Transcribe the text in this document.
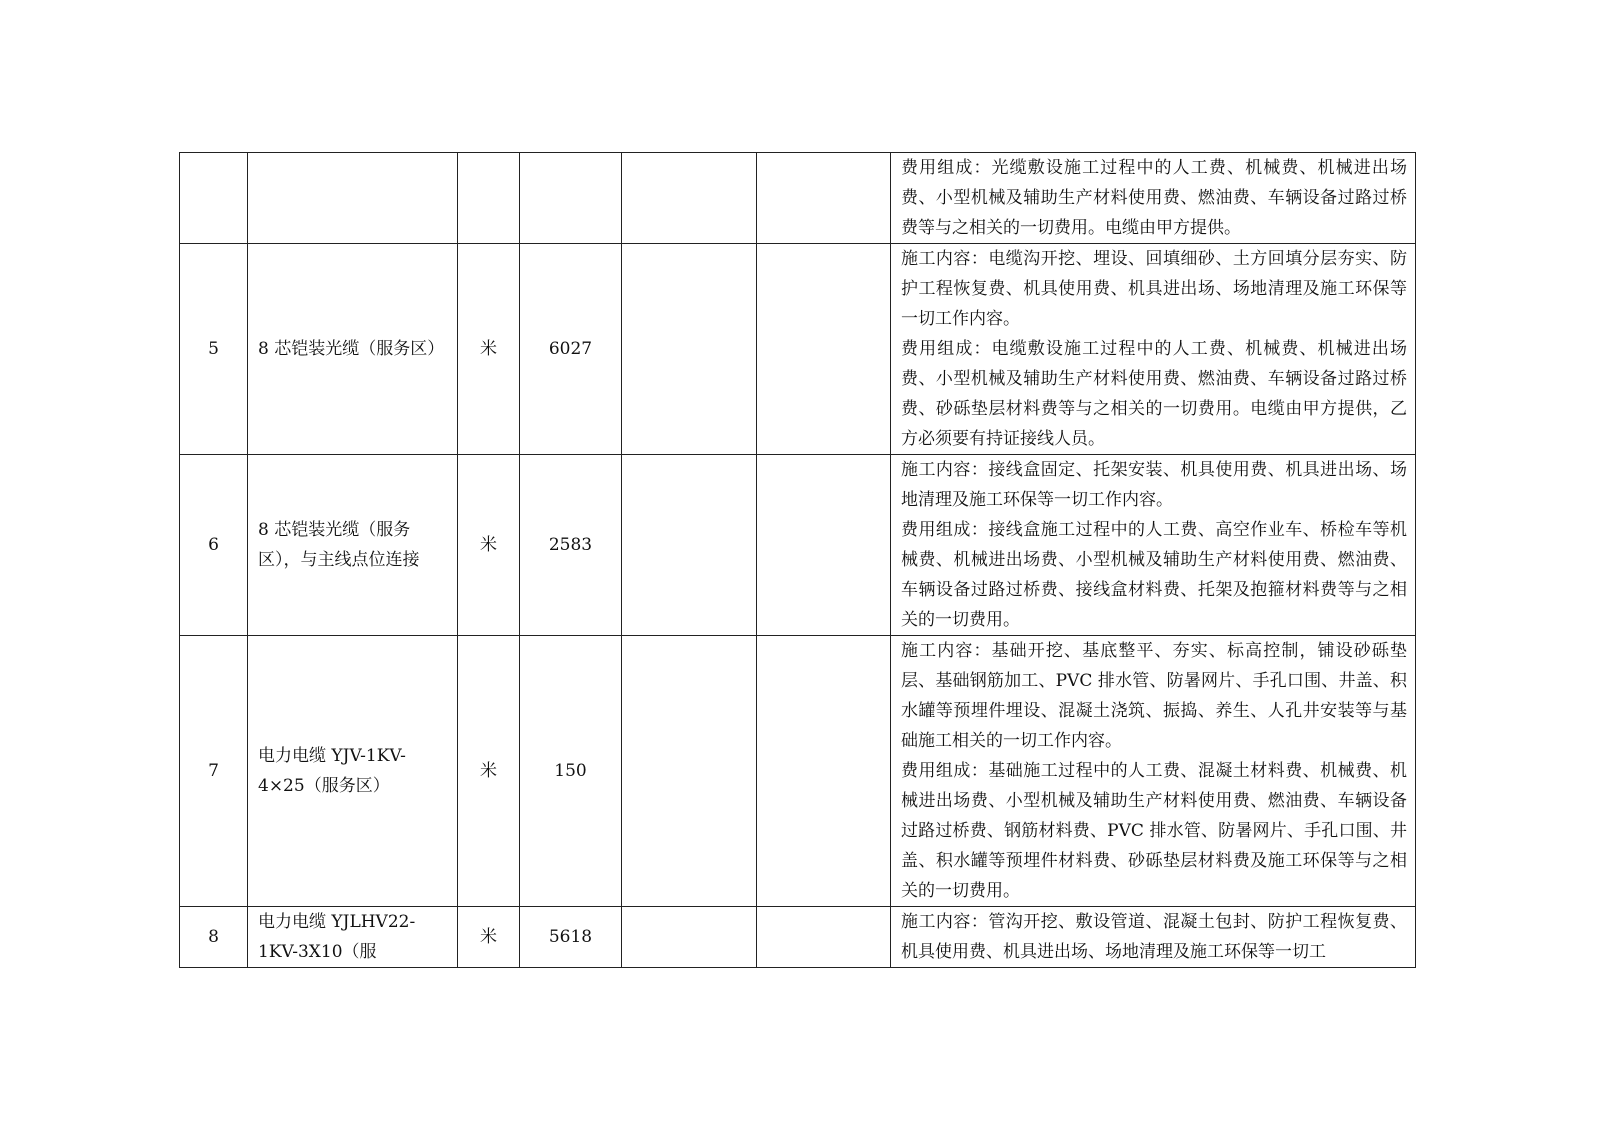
						费用组成：光缆敷设施工过程中的人工费、机械费、机械进出场费、小型机械及辅助生产材料使用费、燃油费、车辆设备过路过桥费等与之相关的一切费用。电缆由甲方提供。

5	8 芯铠装光缆（服务区）	米	6027			施工内容：电缆沟开挖、埋设、回填细砂、土方回填分层夯实、防护工程恢复费、机具使用费、机具进出场、场地清理及施工环保等一切工作内容。
费用组成：电缆敷设施工过程中的人工费、机械费、机械进出场费、小型机械及辅助生产材料使用费、燃油费、车辆设备过路过桥费、砂砾垫层材料费等与之相关的一切费用。电缆由甲方提供，乙方必须要有持证接线人员。

6	8 芯铠装光缆（服务区），与主线点位连接	米	2583			施工内容：接线盒固定、托架安装、机具使用费、机具进出场、场地清理及施工环保等一切工作内容。
费用组成：接线盒施工过程中的人工费、高空作业车、桥检车等机械费、机械进出场费、小型机械及辅助生产材料使用费、燃油费、车辆设备过路过桥费、接线盒材料费、托架及抱箍材料费等与之相关的一切费用。

7	电力电缆 YJV-1KV-4×25（服务区）	米	150			施工内容：基础开挖、基底整平、夯实、标高控制，铺设砂砾垫层、基础钢筋加工、PVC 排水管、防暑网片、手孔口围、井盖、积水罐等预埋件埋设、混凝土浇筑、振捣、养生、人孔井安装等与基础施工相关的一切工作内容。
费用组成：基础施工过程中的人工费、混凝土材料费、机械费、机械进出场费、小型机械及辅助生产材料使用费、燃油费、车辆设备过路过桥费、钢筋材料费、PVC 排水管、防暑网片、手孔口围、井盖、积水罐等预埋件材料费、砂砾垫层材料费及施工环保等与之相关的一切费用。

8	电力电缆 YJLHV22-1KV-3X10（服	米	5618			施工内容：管沟开挖、敷设管道、混凝土包封、防护工程恢复费、机具使用费、机具进出场、场地清理及施工环保等一切工
